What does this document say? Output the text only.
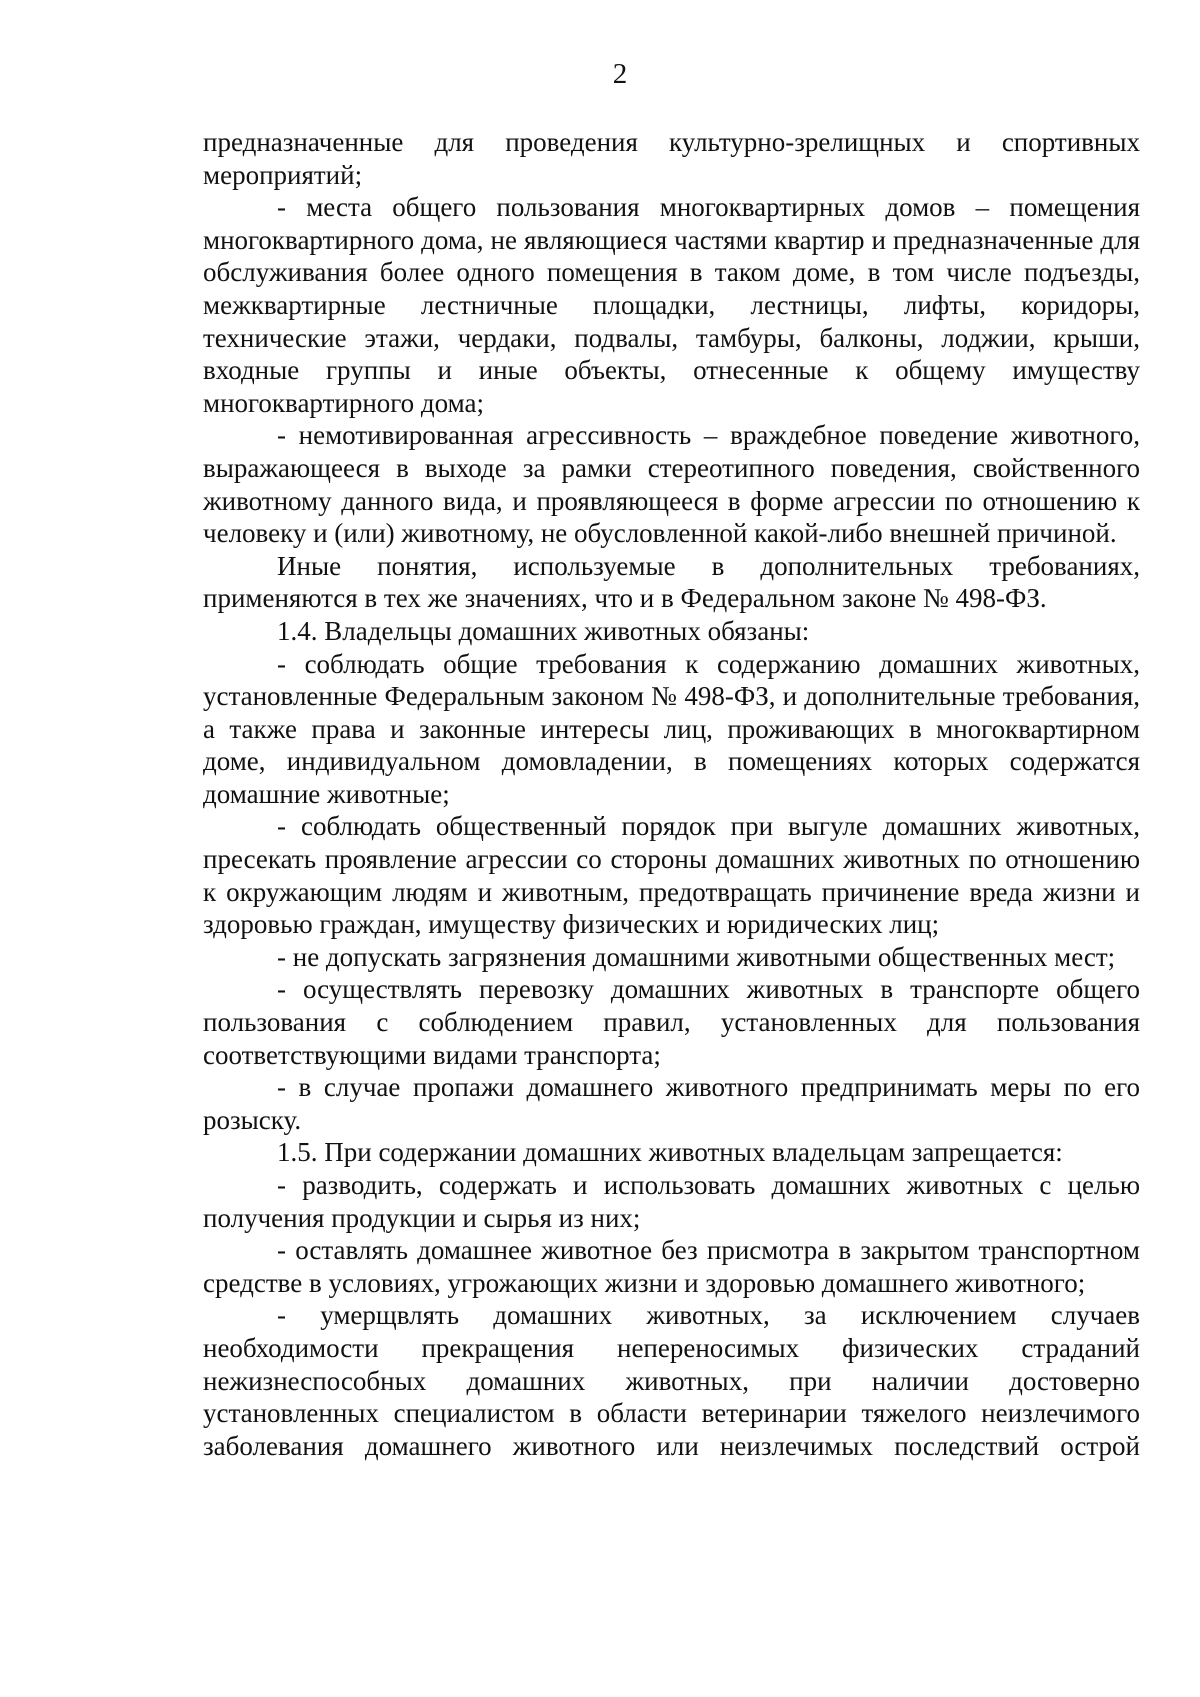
2

предназначенные для проведения культурно-зрелищных и спортивных мероприятий;

- места общего пользования многоквартирных домов – помещения многоквартирного дома, не являющиеся частями квартир и предназначенные для обслуживания более одного помещения в таком доме, в том числе подъезды, межквартирные лестничные площадки, лестницы, лифты, коридоры, технические этажи, чердаки, подвалы, тамбуры, балконы, лоджии, крыши, входные группы и иные объекты, отнесенные к общему имуществу многоквартирного дома;

- немотивированная агрессивность – враждебное поведение животного, выражающееся в выходе за рамки стереотипного поведения, свойственного животному данного вида, и проявляющееся в форме агрессии по отношению к человеку и (или) животному, не обусловленной какой-либо внешней причиной.

Иные понятия, используемые в дополнительных требованиях, применяются в тех же значениях, что и в Федеральном законе № 498-ФЗ.

1.4. Владельцы домашних животных обязаны:

- соблюдать общие требования к содержанию домашних животных, установленные Федеральным законом № 498-ФЗ, и дополнительные требования, а также права и законные интересы лиц, проживающих в многоквартирном доме, индивидуальном домовладении, в помещениях которых содержатся домашние животные;

- соблюдать общественный порядок при выгуле домашних животных, пресекать проявление агрессии со стороны домашних животных по отношению к окружающим людям и животным, предотвращать причинение вреда жизни и здоровью граждан, имуществу физических и юридических лиц;

- не допускать загрязнения домашними животными общественных мест;

- осуществлять перевозку домашних животных в транспорте общего пользования с соблюдением правил, установленных для пользования соответствующими видами транспорта;

- в случае пропажи домашнего животного предпринимать меры по его розыску.

1.5. При содержании домашних животных владельцам запрещается:

- разводить, содержать и использовать домашних животных с целью получения продукции и сырья из них;

- оставлять домашнее животное без присмотра в закрытом транспортном средстве в условиях, угрожающих жизни и здоровью домашнего животного;

- умерщвлять домашних животных, за исключением случаев необходимости прекращения непереносимых физических страданий нежизнеспособных домашних животных, при наличии достоверно установленных специалистом в области ветеринарии тяжелого неизлечимого заболевания домашнего животного или неизлечимых последствий острой
